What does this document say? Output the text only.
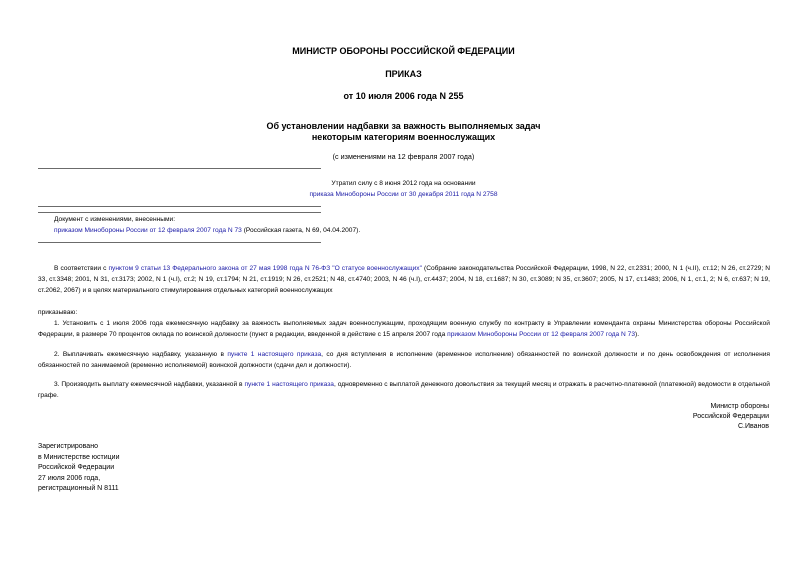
МИНИСТР ОБОРОНЫ РОССИЙСКОЙ ФЕДЕРАЦИИ
ПРИКАЗ
от 10 июля 2006 года N 255
Об установлении надбавки за важность выполняемых задач
некоторым категориям военнослужащих
(с изменениями на 12 февраля 2007 года)
Утратил силу с 8 июня 2012 года на основании
приказа Минобороны России от 30 декабря 2011 года N 2758
Документ с изменениями, внесенными:
приказом Минобороны России от 12 февраля 2007 года N 73 (Российская газета, N 69, 04.04.2007).
В соответствии с пунктом 9 статьи 13 Федерального закона от 27 мая 1998 года N 76-ФЗ "О статусе военнослужащих" (Собрание законодательства Российской Федерации, 1998, N 22, ст.2331; 2000, N 1 (ч.II), ст.12; N 26, ст.2729; N 33, ст.3348; 2001, N 31, ст.3173; 2002, N 1 (ч.I), ст.2; N 19, ст.1794; N 21, ст.1919; N 26, ст.2521; N 48, ст.4740; 2003, N 46 (ч.I), ст.4437; 2004, N 18, ст.1687; N 30, ст.3089; N 35, ст.3607; 2005, N 17, ст.1483; 2006, N 1, ст.1, 2; N 6, ст.637; N 19, ст.2062, 2067) и в целях материального стимулирования отдельных категорий военнослужащих
приказываю:
1. Установить с 1 июля 2006 года ежемесячную надбавку за важность выполняемых задач военнослужащим, проходящим военную службу по контракту в Управлении коменданта охраны Министерства обороны Российской Федерации, в размере 70 процентов оклада по воинской должности (пункт в редакции, введенной в действие с 15 апреля 2007 года приказом Минобороны России от 12 февраля 2007 года N 73).
2. Выплачивать ежемесячную надбавку, указанную в пункте 1 настоящего приказа, со дня вступления в исполнение (временное исполнение) обязанностей по воинской должности и по день освобождения от исполнения обязанностей по занимаемой (временно исполняемой) воинской должности (сдачи дел и должности).
3. Производить выплату ежемесячной надбавки, указанной в пункте 1 настоящего приказа, одновременно с выплатой денежного довольствия за текущий месяц и отражать в расчетно-платежной (платежной) ведомости в отдельной графе.
Министр обороны
Российской Федерации
С.Иванов
Зарегистрировано
в Министерстве юстиции
Российской Федерации
27 июля 2006 года,
регистрационный N 8111
